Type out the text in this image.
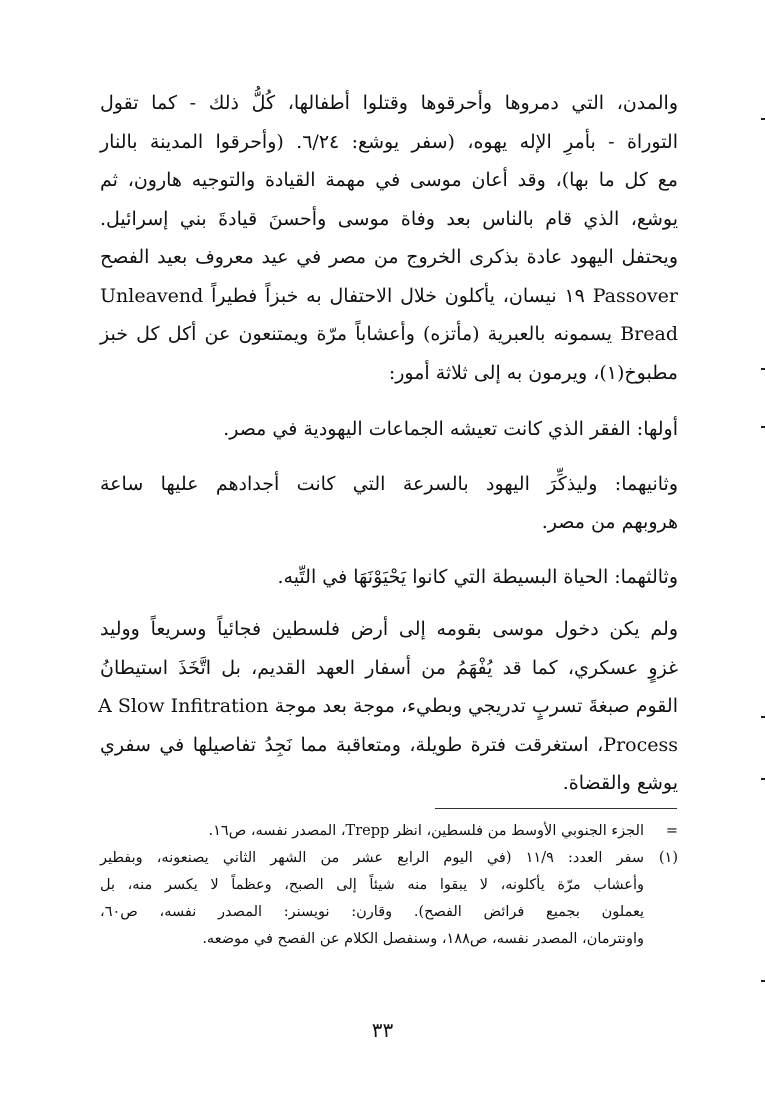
والمدن، التي دمروها وأحرقوها وقتلوا أطفالها، كُلُّ ذلك - كما تقول
التوراة - بأمرِ الإله يهوه، (سفر يوشع: ٦/٢٤. (وأحرقوا المدينة بالنار
مع كل ما بها)، وقد أعان موسى في مهمة القيادة والتوجيه هارون، ثم
يوشع، الذي قام بالناس بعد وفاة موسى وأحسنَ قيادةَ بني إسرائيل.
ويحتفل اليهود عادة بذكرى الخروج من مصر في عيد معروف بعيد الفصح
Passover ١٩ نيسان، يأكلون خلال الاحتفال به خبزاً فطيراً Unleavend
Bread يسمونه بالعبرية (مأتزه) وأعشاباً مرّة ويمتنعون عن أكل كل خبز
مطبوخ(١)، ويرمون به إلى ثلاثة أمور:
أولها: الفقر الذي كانت تعيشه الجماعات اليهودية في مصر.
وثانيهما: وليذكِّرَ اليهود بالسرعة التي كانت أجدادهم عليها ساعة
هروبهم من مصر.
وثالثهما: الحياة البسيطة التي كانوا يَحْيَوْنَهَا في التِّيه.
ولم يكن دخول موسى بقومه إلى أرض فلسطين فجائياً وسريعاً ووليد
غزوٍ عسكري، كما قد يُفْهَمُ من أسفار العهد القديم، بل اتَّخَذَ استيطانُ
القوم صبغةَ تسربٍ تدريجي وبطيء، موجة بعد موجة A Slow Infitration
Process، استغرقت فترة طويلة، ومتعاقبة مما نَجِدُ تفاصيلها في سفري
يوشع والقضاة.
=
الجزء الجنوبي الأوسط من فلسطين، انظر Trepp، المصدر نفسه، ص١٦.
(١)
سفر العدد: ١١/٩ (في اليوم الرابع عشر من الشهر الثاني يصنعونه، وبفطير
وأعشاب مرّة يأكلونه، لا يبقوا منه شيئاً إلى الصبح، وعظماً لا يكسر منه، بل
يعملون بجميع فرائض الفصح). وقارن: نويسنر: المصدر نفسه، ص٦٠،
واونترمان، المصدر نفسه، ص١٨٨، وسنفصل الكلام عن الفصح في موضعه.
٣٣
